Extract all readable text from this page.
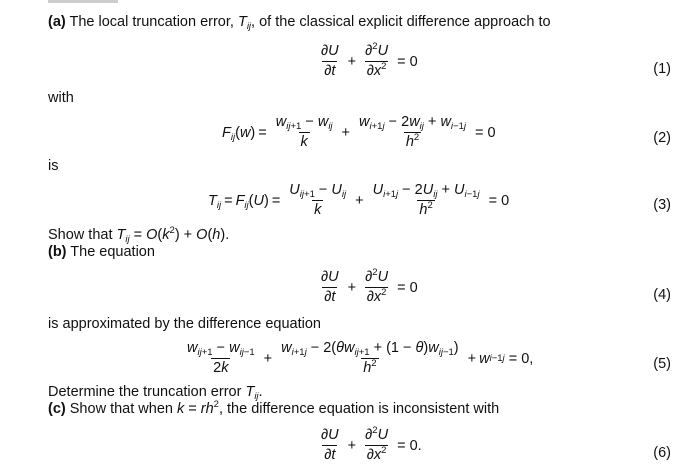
(a) The local truncation error, $T_{ij}$, of the classical explicit difference approach to
∂U
∂t
+ $\frac{\partial^2U}{\partial x^2} = 0$	(1)
with
$F_{ij}$ ( w ) =
$w_{ij+1} - w_{ij}$
k
+
$w_{i+1j} - 2w_{ij} + w_{i-1j}$
$h^2$	= 0	(2)
is
$T_{ij} = F_{ij}$ ( U ) =
$U_{ij+1} - U_{ij}$
k
+
$U_{i+1j} - 2U_{ij} + U_{i-1j}$
$h^2$	= 0	(3)
Show that $T_{ij} = O(k^2) + O(h)$.
(b) The equation
∂U
∂t
+ $\frac{\partial^2U}{\partial x^2} = 0$	(4)
is approximated by the difference equation
$w_{ij+1} - w_{ij-1}$
2k
+
$w_{i+1j} - 2(\theta w_{ij+1} + (1 - \theta)w_{ij-1})$
$h^2$	+ w i−1j = 0,	(5)
Determine the truncation error $T_{ij}$.
(c) Show that when $k = rh^2$, the difference equation is inconsistent with
∂U
∂t
+ $\frac{\partial^2U}{\partial x^2} = 0$.	(6)
